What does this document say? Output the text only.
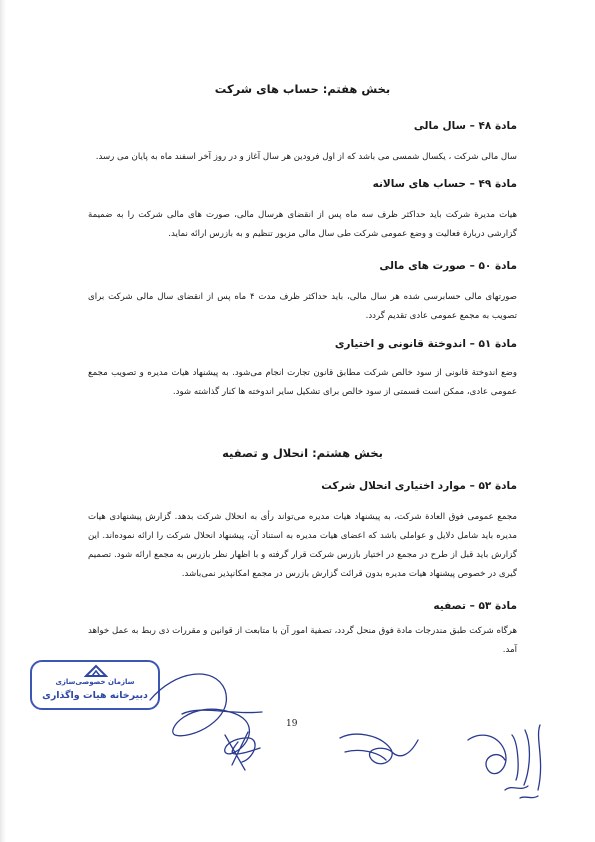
بخش هفتم: حساب های شرکت
مادة ۴۸ – سال مالی

سال مالی شرکت ، یکسال شمسی می باشد که از اول فرودین هر سال آغاز و در روز آخر اسفند ماه به پایان می رسد.

مادة ۴۹ – حساب های سالانه

هیات مدیرة شرکت باید حداکثر ظرف سه ماه پس از انقضای هرسال مالی، صورت های مالی شرکت را به ضمیمة گزارشی دربارة فعالیت و وضع عمومی شرکت طی سال مالی مزبور تنظیم و به بازرس ارائه نماید.

مادة ۵۰ – صورت های مالی

صورتهای مالی حسابرسی شده هر سال مالی، باید حداکثر ظرف مدت ۴ ماه پس از انقضای سال مالی شرکت برای تصویب به مجمع عمومی عادی تقدیم گردد.

مادة ۵۱ – اندوختة قانونی و اختیاری

وضع اندوختة قانونی از سود خالص شرکت مطابق قانون تجارت انجام می‌شود. به پیشنهاد هیات مدیره و تصویب مجمع عمومی عادی، ممکن است قسمتی از سود خالص برای تشکیل سایر اندوخته ها کنار گذاشته شود.

بخش هشتم: انحلال و تصفیه
مادة ۵۲ – موارد اختیاری انحلال شرکت

مجمع عمومی فوق العادة شرکت، به پیشنهاد هیات مدیره می‌تواند رأی به انحلال شرکت بدهد. گزارش پیشنهادی هیات مدیره باید شامل دلایل و عواملی باشد که اعضای هیات مدیره به استناد آن، پیشنهاد انحلال شرکت را ارائه نموده‌اند. این گزارش باید قبل از طرح در مجمع در اختیار بازرس شرکت قرار گرفته و با اظهار نظر بازرس به مجمع ارائه شود. تصمیم گیری در خصوص پیشنهاد هیات مدیره بدون قرائت گزارش بازرس در مجمع امکانپذیر نمی‌باشد.

مادة ۵۳ – تصفیه

هرگاه شرکت طبق مندرجات مادة فوق منحل گردد، تصفیة امور آن با متابعت از قوانین و مقررات ذی ربط به عمل خواهد آمد.

سازمان خصوصی‌سازی
دبیرخانه هیات واگذاری
19
